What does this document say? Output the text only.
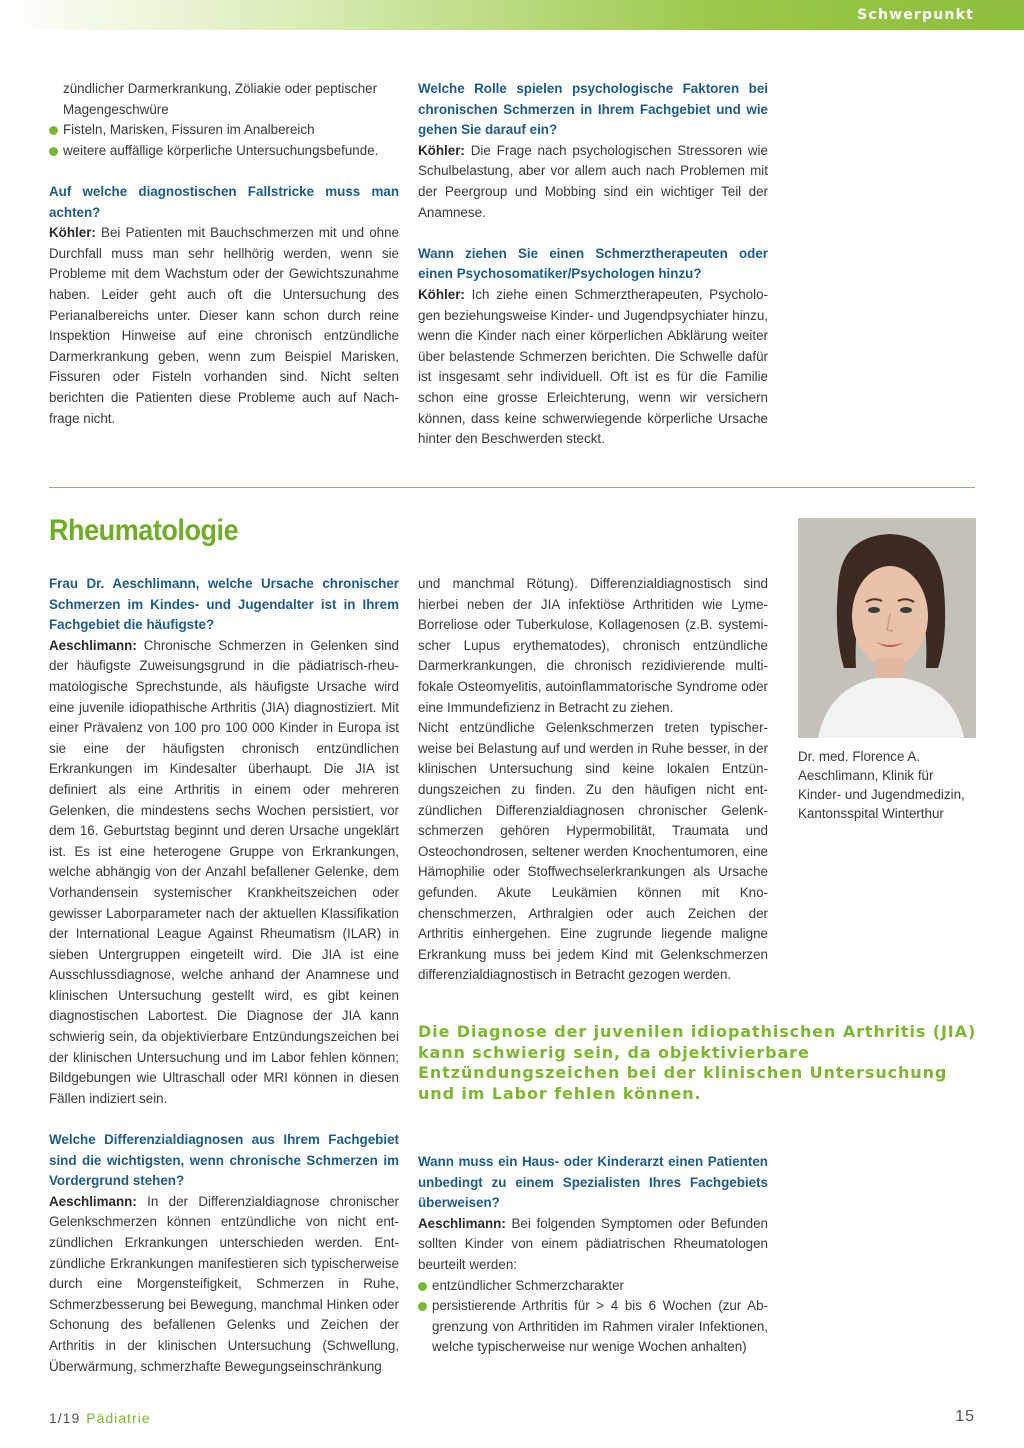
Schwerpunkt

zündlicher Darmerkrankung, Zöliakie oder peptischer

Magengeschwüre

Fisteln, Marisken, Fissuren im Analbereich
weitere auffällige körperliche Untersuchungsbefunde.

Auf welche diagnostischen Fallstricke muss man achten?

Köhler: Bei Patienten mit Bauchschmerzen mit und ohne Durchfall muss man sehr hellhörig werden, wenn sie Probleme mit dem Wachstum oder der Gewichtszunahme haben. Leider geht auch oft die Untersuchung des Perianalbereichs unter. Dieser kann schon durch reine Inspektion Hinweise auf eine chronisch entzündliche Darmerkrankung geben, wenn zum Beispiel Marisken, Fissuren oder Fisteln vorhanden sind. Nicht selten berichten die Patienten diese Probleme auch auf Nachfrage nicht.

Welche Rolle spielen psychologische Faktoren bei chronischen Schmerzen in Ihrem Fachgebiet und wie gehen Sie darauf ein?

Köhler: Die Frage nach psychologischen Stressoren wie Schulbelastung, aber vor allem auch nach Problemen mit der Peergroup und Mobbing sind ein wichtiger Teil der Anamnese.

Wann ziehen Sie einen Schmerztherapeuten oder einen Psychosomatiker/Psychologen hinzu?

Köhler: Ich ziehe einen Schmerztherapeuten, Psychologen beziehungsweise Kinder- und Jugendpsychiater hinzu, wenn die Kinder nach einer körperlichen Abklärung weiter über belastende Schmerzen berichten. Die Schwelle dafür ist insgesamt sehr individuell. Oft ist es für die Familie schon eine grosse Erleichterung, wenn wir versichern können, dass keine schwerwiegende körperliche Ursache hinter den Beschwerden steckt.

Rheumatologie

Dr. med. Florence A. Aeschlimann, Klinik für Kinder- und Jugendmedizin, Kantonsspital Winterthur

Frau Dr. Aeschlimann, welche Ursache chronischer Schmerzen im Kindes- und Jugendalter ist in Ihrem Fachgebiet die häufigste?

Aeschlimann: Chronische Schmerzen in Gelenken sind der häufigste Zuweisungsgrund in die pädiatrisch-rheumatologische Sprechstunde, als häufigste Ursache wird eine juvenile idiopathische Arthritis (JIA) diagnostiziert. Mit einer Prävalenz von 100 pro 100 000 Kinder in Europa ist sie eine der häufigsten chronisch entzündlichen Erkrankungen im Kindesalter überhaupt. Die JIA ist definiert als eine Arthritis in einem oder mehreren Gelenken, die mindestens sechs Wochen persistiert, vor dem 16. Geburtstag beginnt und deren Ursache ungeklärt ist. Es ist eine heterogene Gruppe von Erkrankungen, welche abhängig von der Anzahl befallener Gelenke, dem Vorhandensein systemischer Krankheitszeichen oder gewisser Laborparameter nach der aktuellen Klassifikation der International League Against Rheumatism (ILAR) in sieben Untergruppen eingeteilt wird. Die JIA ist eine Ausschlussdiagnose, welche anhand der Anamnese und klinischen Untersuchung gestellt wird, es gibt keinen diagnostischen Labortest. Die Diagnose der JIA kann schwierig sein, da objektivierbare Entzündungszeichen bei der klinischen Untersuchung und im Labor fehlen können; Bildgebungen wie Ultraschall oder MRI können in diesen Fällen indiziert sein.

Welche Differenzialdiagnosen aus Ihrem Fachgebiet sind die wichtigsten, wenn chronische Schmerzen im Vordergrund stehen?

Aeschlimann: In der Differenzialdiagnose chronischer Gelenkschmerzen können entzündliche von nicht entzündlichen Erkrankungen unterschieden werden. Entzündliche Erkrankungen manifestieren sich typischerweise durch eine Morgensteifigkeit, Schmerzen in Ruhe, Schmerzbesserung bei Bewegung, manchmal Hinken oder Schonung des befallenen Gelenks und Zeichen der Arthritis in der klinischen Untersuchung (Schwellung, Überwärmung, schmerzhafte Bewegungseinschränkung

und manchmal Rötung). Differenzialdiagnostisch sind hierbei neben der JIA infektiöse Arthritiden wie Lyme-Borreliose oder Tuberkulose, Kollagenosen (z.B. systemischer Lupus erythematodes), chronisch entzündliche Darmerkrankungen, die chronisch rezidivierende multifokale Osteomyelitis, autoinflammatorische Syndrome oder eine Immundefizienz in Betracht zu ziehen.

Nicht entzündliche Gelenkschmerzen treten typischerweise bei Belastung auf und werden in Ruhe besser, in der klinischen Untersuchung sind keine lokalen Entzündungszeichen zu finden. Zu den häufigen nicht entzündlichen Differenzialdiagnosen chronischer Gelenkschmerzen gehören Hypermobilität, Traumata und Osteochondrosen, seltener werden Knochentumoren, eine Hämophilie oder Stoffwechselerkrankungen als Ursache gefunden. Akute Leukämien können mit Knochenschmerzen, Arthralgien oder auch Zeichen der Arthritis einhergehen. Eine zugrunde liegende maligne Erkrankung muss bei jedem Kind mit Gelenkschmerzen differenzialdiagnostisch in Betracht gezogen werden.

Die Diagnose der juvenilen idiopathischen Arthritis (JIA) kann schwierig sein, da objektivierbare Entzündungszeichen bei der klinischen Untersuchung und im Labor fehlen können.

Wann muss ein Haus- oder Kinderarzt einen Patienten unbedingt zu einem Spezialisten Ihres Fachgebiets überweisen?

Aeschlimann: Bei folgenden Symptomen oder Befunden sollten Kinder von einem pädiatrischen Rheumatologen beurteilt werden:

entzündlicher Schmerzcharakter
persistierende Arthritis für > 4 bis 6 Wochen (zur Abgrenzung von Arthritiden im Rahmen viraler Infektionen, welche typischerweise nur wenige Wochen anhalten)
1/19 Pädiatrie	15
